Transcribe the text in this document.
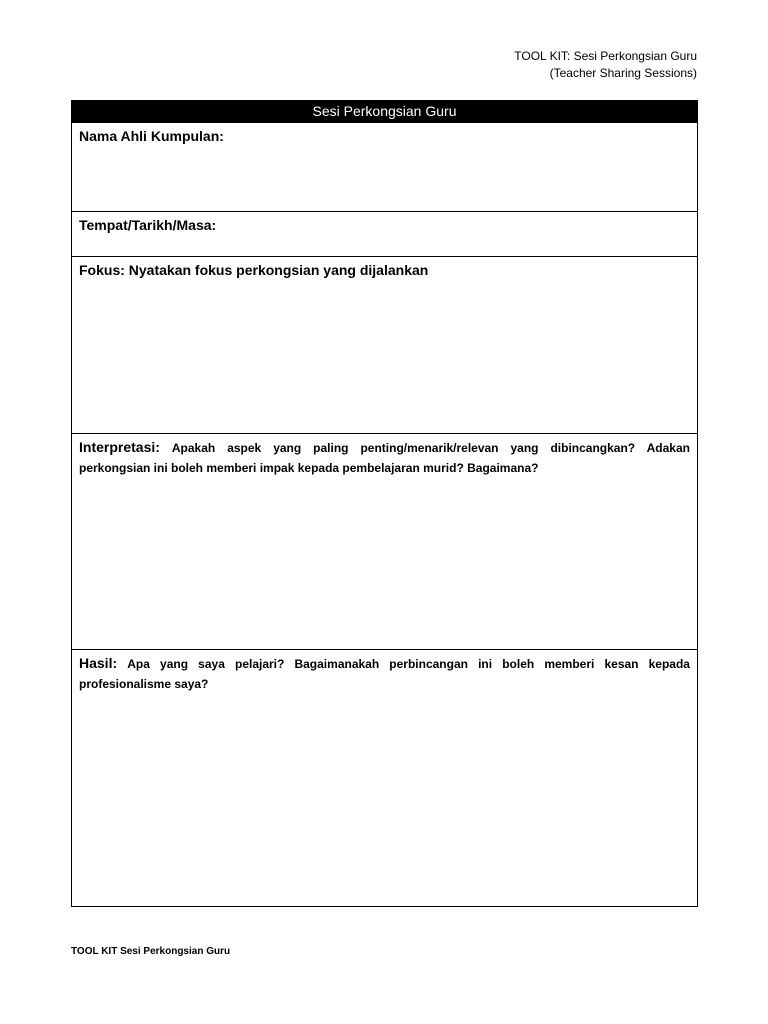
TOOL KIT: Sesi Perkongsian Guru
(Teacher Sharing Sessions)
Sesi Perkongsian Guru
Nama Ahli Kumpulan:
Tempat/Tarikh/Masa:
Fokus: Nyatakan fokus perkongsian yang dijalankan
Interpretasi: Apakah aspek yang paling penting/menarik/relevan yang dibincangkan? Adakan perkongsian ini boleh memberi impak kepada pembelajaran murid? Bagaimana?
Hasil: Apa yang saya pelajari? Bagaimanakah perbincangan ini boleh memberi kesan kepada profesionalisme saya?
TOOL KIT Sesi Perkongsian Guru
